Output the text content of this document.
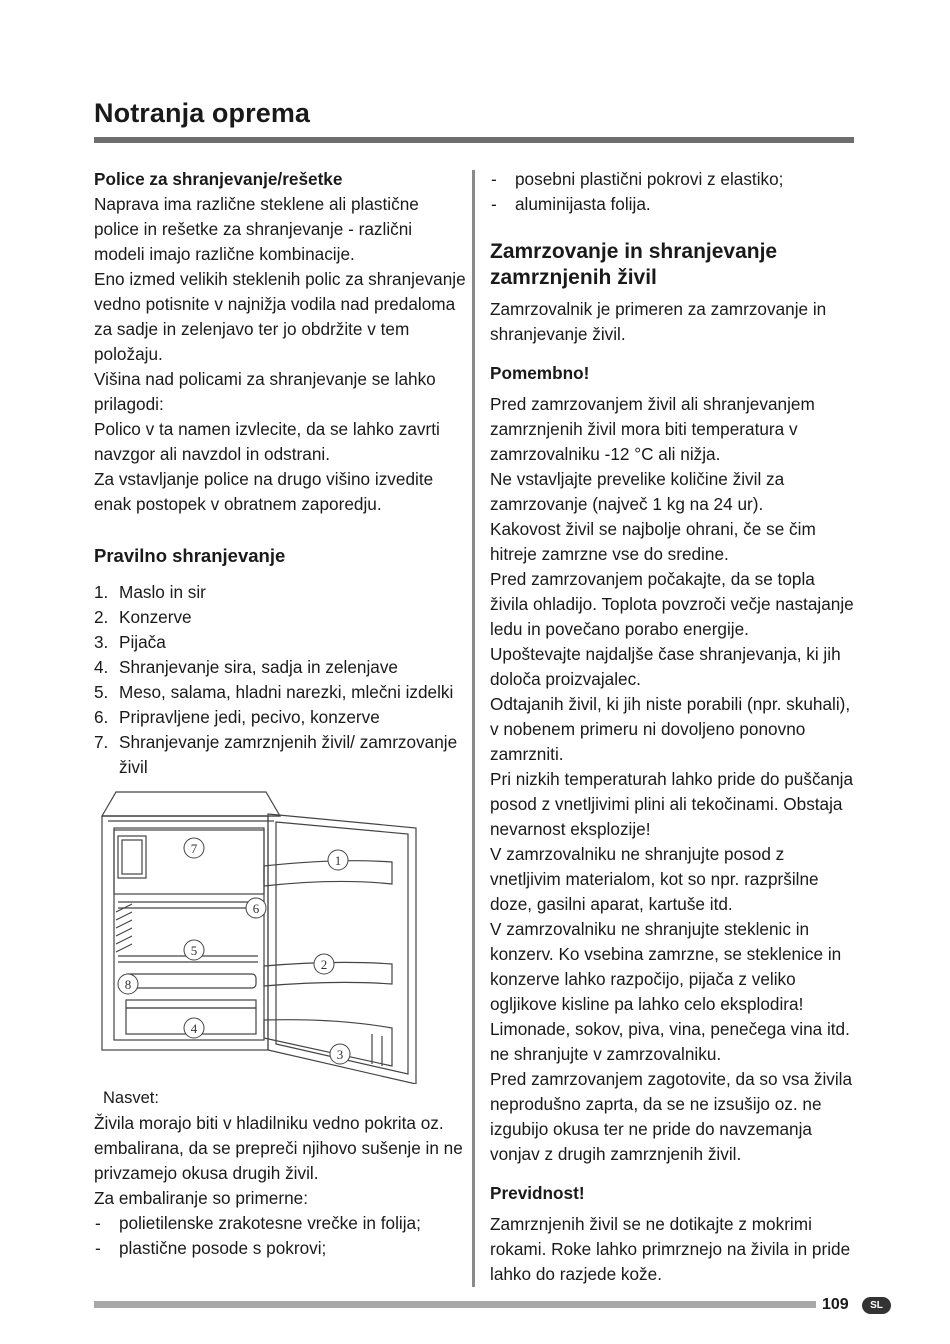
Notranja oprema

Police za shranjevanje/rešetke

Naprava ima različne steklene ali plastične police in rešetke za shranjevanje - različni modeli imajo različne kombinacije.

Eno izmed velikih steklenih polic za shranjevanje vedno potisnite v najnižja vodila nad predaloma za sadje in zelenjavo ter jo obdržite v tem položaju.

Višina nad policami za shranjevanje se lahko prilagodi:

Polico v ta namen izvlecite, da se lahko zavrti navzgor ali navzdol in odstrani.

Za vstavljanje police na drugo višino izvedite enak postopek v obratnem zaporedju.

Pravilno shranjevanje

1. Maslo in sir
2. Konzerve
3. Pijača
4. Shranjevanje sira, sadja in zelenjave
5. Meso, salama, hladni narezki, mlečni izdelki
6. Pripravljene jedi, pecivo, konzerve
7. Shranjevanje zamrznjenih živil/ zamrzovanje živil
7
1
6
5
2
8
4
3

Nasvet:

Živila morajo biti v hladilniku vedno pokrita oz. embalirana, da se prepreči njihovo sušenje in ne privzamejo okusa drugih živil.

Za embaliranje so primerne:

- polietilenske zrakotesne vrečke in folija;
- plastične posode s pokrovi;
- posebni plastični pokrovi z elastiko;
- aluminijasta folija.

Zamrzovanje in shranjevanje zamrznjenih živil

Zamrzovalnik je primeren za zamrzovanje in shranjevanje živil.

Pomembno!

Pred zamrzovanjem živil ali shranjevanjem zamrznjenih živil mora biti temperatura v zamrzovalniku -12 °C ali nižja.

Ne vstavljajte prevelike količine živil za zamrzovanje (največ 1 kg na 24 ur).

Kakovost živil se najbolje ohrani, če se čim hitreje zamrzne vse do sredine.

Pred zamrzovanjem počakajte, da se topla živila ohladijo. Toplota povzroči večje nastajanje ledu in povečano porabo energije.

Upoštevajte najdaljše čase shranjevanja, ki jih določa proizvajalec.

Odtajanih živil, ki jih niste porabili (npr. skuhali), v nobenem primeru ni dovoljeno ponovno zamrzniti.

Pri nizkih temperaturah lahko pride do puščanja posod z vnetljivimi plini ali tekočinami. Obstaja nevarnost eksplozije!

V zamrzovalniku ne shranjujte posod z vnetljivim materialom, kot so npr. razpršilne doze, gasilni aparat, kartuše itd.

V zamrzovalniku ne shranjujte steklenic in konzerv. Ko vsebina zamrzne, se steklenice in konzerve lahko razpočijo, pijača z veliko ogljikove kisline pa lahko celo eksplodira!

Limonade, sokov, piva, vina, penečega vina itd. ne shranjujte v zamrzovalniku.

Pred zamrzovanjem zagotovite, da so vsa živila neprodušno zaprta, da se ne izsušijo oz. ne izgubijo okusa ter ne pride do navzemanja vonjav z drugih zamrznjenih živil.

Previdnost!

Zamrznjenih živil se ne dotikajte z mokrimi rokami. Roke lahko primrznejo na živila in pride lahko do razjede kože.

109	SL
